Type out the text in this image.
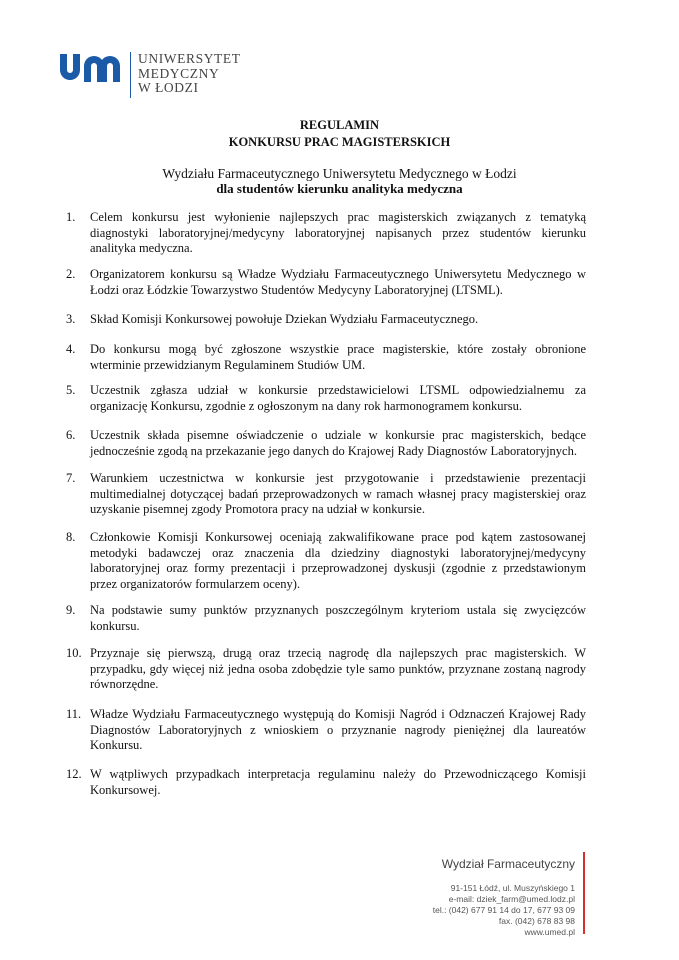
UNIWERSYTET
MEDYCZNY
W ŁODZI
REGULAMIN
KONKURSU PRAC MAGISTERSKICH
Wydziału Farmaceutycznego Uniwersytetu Medycznego w Łodzi
dla studentów kierunku analityka medyczna
1.	Celem konkursu jest wyłonienie najlepszych prac magisterskich związanych z tematyką diagnostyki laboratoryjnej/medycyny laboratoryjnej napisanych przez studentów kierunku analityka medyczna.
2.	Organizatorem konkursu są Władze Wydziału Farmaceutycznego Uniwersytetu Medycznego w Łodzi oraz Łódzkie Towarzystwo Studentów Medycyny Laboratoryjnej (LTSML).
3.	Skład Komisji Konkursowej powołuje Dziekan Wydziału Farmaceutycznego.
4.	Do konkursu mogą być zgłoszone wszystkie prace magisterskie, które zostały obronione wterminie przewidzianym Regulaminem Studiów UM.
5.	Uczestnik zgłasza udział w konkursie przedstawicielowi LTSML odpowiedzialnemu za organizację Konkursu, zgodnie z ogłoszonym na dany rok harmonogramem konkursu.
6.	Uczestnik składa pisemne oświadczenie o udziale w konkursie prac magisterskich, bedące jednocześnie zgodą na przekazanie jego danych do Krajowej Rady Diagnostów Laboratoryjnych.
7.	Warunkiem uczestnictwa w konkursie jest przygotowanie i przedstawienie prezentacji multimedialnej dotyczącej badań przeprowadzonych w ramach własnej pracy magisterskiej oraz uzyskanie pisemnej zgody Promotora pracy na udział w konkursie.
8.	Członkowie Komisji Konkursowej oceniają zakwalifikowane prace pod kątem zastosowanej metodyki badawczej oraz znaczenia dla dziedziny diagnostyki laboratoryjnej/medycyny laboratoryjnej oraz formy prezentacji i przeprowadzonej dyskusji (zgodnie z przedstawionym przez organizatorów formularzem oceny).
9.	Na podstawie sumy punktów przyznanych poszczególnym kryteriom ustala się zwycięzców konkursu.
10. Przyznaje się pierwszą, drugą oraz trzecią nagrodę dla najlepszych prac magisterskich. W przypadku, gdy więcej niż jedna osoba zdobędzie tyle samo punktów, przyznane zostaną nagrody równorzędne.
11. Władze Wydziału Farmaceutycznego występują do Komisji Nagród i Odznaczeń Krajowej Rady Diagnostów Laboratoryjnych z wnioskiem o przyznanie nagrody pieniężnej dla laureatów Konkursu.
12. W wątpliwych przypadkach interpretacja regulaminu należy do Przewodniczącego Komisji Konkursowej.
Wydział Farmaceutyczny
91-151 Łódź, ul. Muszyńskiego 1
e-mail: dziek_farm@umed.lodz.pl
tel.: (042) 677 91 14 do 17, 677 93 09
fax. (042) 678 83 98
www.umed.pl
